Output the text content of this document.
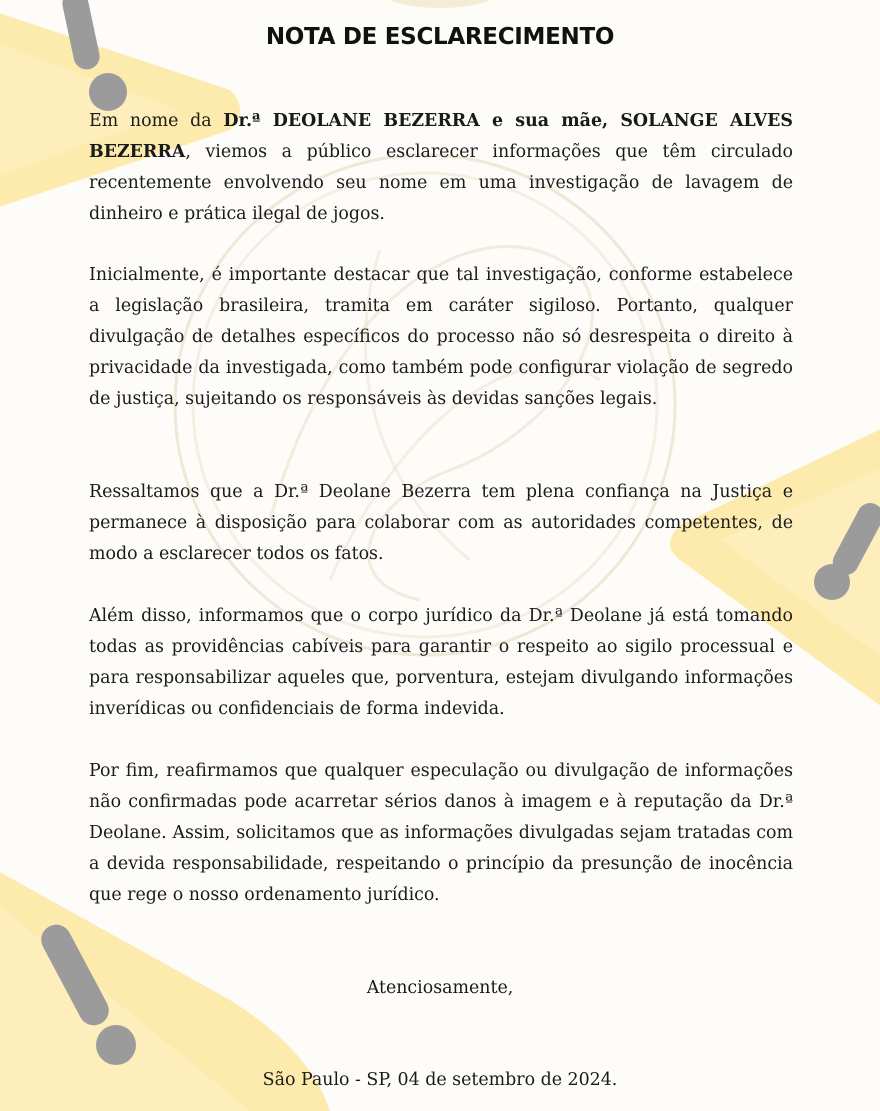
NOTA DE ESCLARECIMENTO

Em nome da Dr.ª DEOLANE BEZERRA e sua mãe, SOLANGE ALVES BEZERRA, viemos a público esclarecer informações que têm circulado recentemente envolvendo seu nome em uma investigação de lavagem de dinheiro e prática ilegal de jogos.

Inicialmente, é importante destacar que tal investigação, conforme estabelece a legislação brasileira, tramita em caráter sigiloso. Portanto, qualquer divulgação de detalhes específicos do processo não só desrespeita o direito à privacidade da investigada, como também pode configurar violação de segredo de justiça, sujeitando os responsáveis às devidas sanções legais.

Ressaltamos que a Dr.ª Deolane Bezerra tem plena confiança na Justiça e permanece à disposição para colaborar com as autoridades competentes, de modo a esclarecer todos os fatos.

Além disso, informamos que o corpo jurídico da Dr.ª Deolane já está tomando todas as providências cabíveis para garantir o respeito ao sigilo processual e para responsabilizar aqueles que, porventura, estejam divulgando informações inverídicas ou confidenciais de forma indevida.

Por fim, reafirmamos que qualquer especulação ou divulgação de informações não confirmadas pode acarretar sérios danos à imagem e à reputação da Dr.ª Deolane. Assim, solicitamos que as informações divulgadas sejam tratadas com a devida responsabilidade, respeitando o princípio da presunção de inocência que rege o nosso ordenamento jurídico.

Atenciosamente,

São Paulo - SP, 04 de setembro de 2024.
